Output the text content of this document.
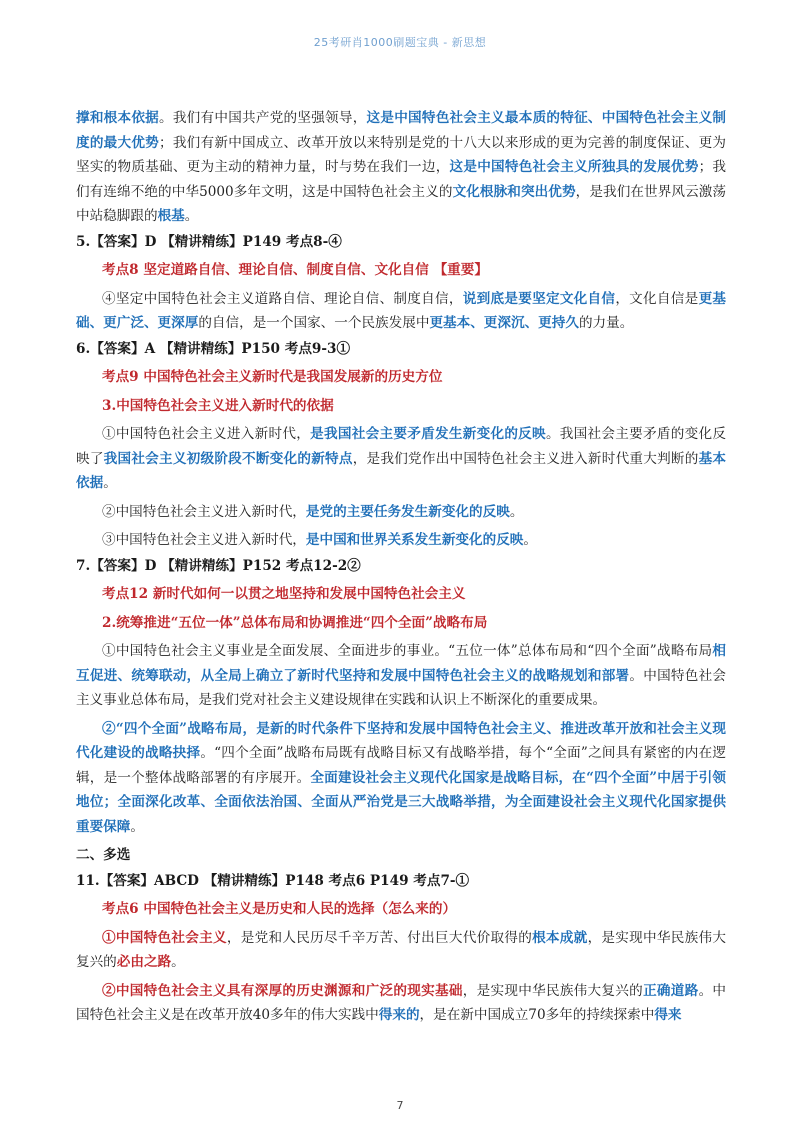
25考研肖1000刷题宝典 - 新思想

撑和根本依据。我们有中国共产党的坚强领导，这是中国特色社会主义最本质的特征、中国特色社会主义制度的最大优势；我们有新中国成立、改革开放以来特别是党的十八大以来形成的更为完善的制度保证、更为坚实的物质基础、更为主动的精神力量，时与势在我们一边，这是中国特色社会主义所独具的发展优势；我们有连绵不绝的中华5000多年文明，这是中国特色社会主义的文化根脉和突出优势，是我们在世界风云激荡中站稳脚跟的根基。

5.【答案】D 【精讲精练】P149 考点8-④

考点8 坚定道路自信、理论自信、制度自信、文化自信 【重要】

④坚定中国特色社会主义道路自信、理论自信、制度自信，说到底是要坚定文化自信，文化自信是更基础、更广泛、更深厚的自信，是一个国家、一个民族发展中更基本、更深沉、更持久的力量。

6.【答案】A 【精讲精练】P150 考点9-3①

考点9 中国特色社会主义新时代是我国发展新的历史方位

3.中国特色社会主义进入新时代的依据

①中国特色社会主义进入新时代，是我国社会主要矛盾发生新变化的反映。我国社会主要矛盾的变化反映了我国社会主义初级阶段不断变化的新特点，是我们党作出中国特色社会主义进入新时代重大判断的基本依据。

②中国特色社会主义进入新时代，是党的主要任务发生新变化的反映。

③中国特色社会主义进入新时代，是中国和世界关系发生新变化的反映。

7.【答案】D 【精讲精练】P152 考点12-2②

考点12 新时代如何一以贯之地坚持和发展中国特色社会主义

2.统筹推进“五位一体”总体布局和协调推进“四个全面”战略布局

①中国特色社会主义事业是全面发展、全面进步的事业。“五位一体”总体布局和“四个全面”战略布局相互促进、统筹联动，从全局上确立了新时代坚持和发展中国特色社会主义的战略规划和部署。中国特色社会主义事业总体布局，是我们党对社会主义建设规律在实践和认识上不断深化的重要成果。

②“四个全面”战略布局，是新的时代条件下坚持和发展中国特色社会主义、推进改革开放和社会主义现代化建设的战略抉择。“四个全面”战略布局既有战略目标又有战略举措，每个“全面”之间具有紧密的内在逻辑，是一个整体战略部署的有序展开。全面建设社会主义现代化国家是战略目标，在“四个全面”中居于引领地位；全面深化改革、全面依法治国、全面从严治党是三大战略举措，为全面建设社会主义现代化国家提供重要保障。

二、多选

11.【答案】ABCD 【精讲精练】P148 考点6 P149 考点7-①

考点6 中国特色社会主义是历史和人民的选择（怎么来的）

①中国特色社会主义，是党和人民历尽千辛万苦、付出巨大代价取得的根本成就，是实现中华民族伟大复兴的必由之路。

②中国特色社会主义具有深厚的历史渊源和广泛的现实基础，是实现中华民族伟大复兴的正确道路。中国特色社会主义是在改革开放40多年的伟大实践中得来的，是在新中国成立70多年的持续探索中得来

7
